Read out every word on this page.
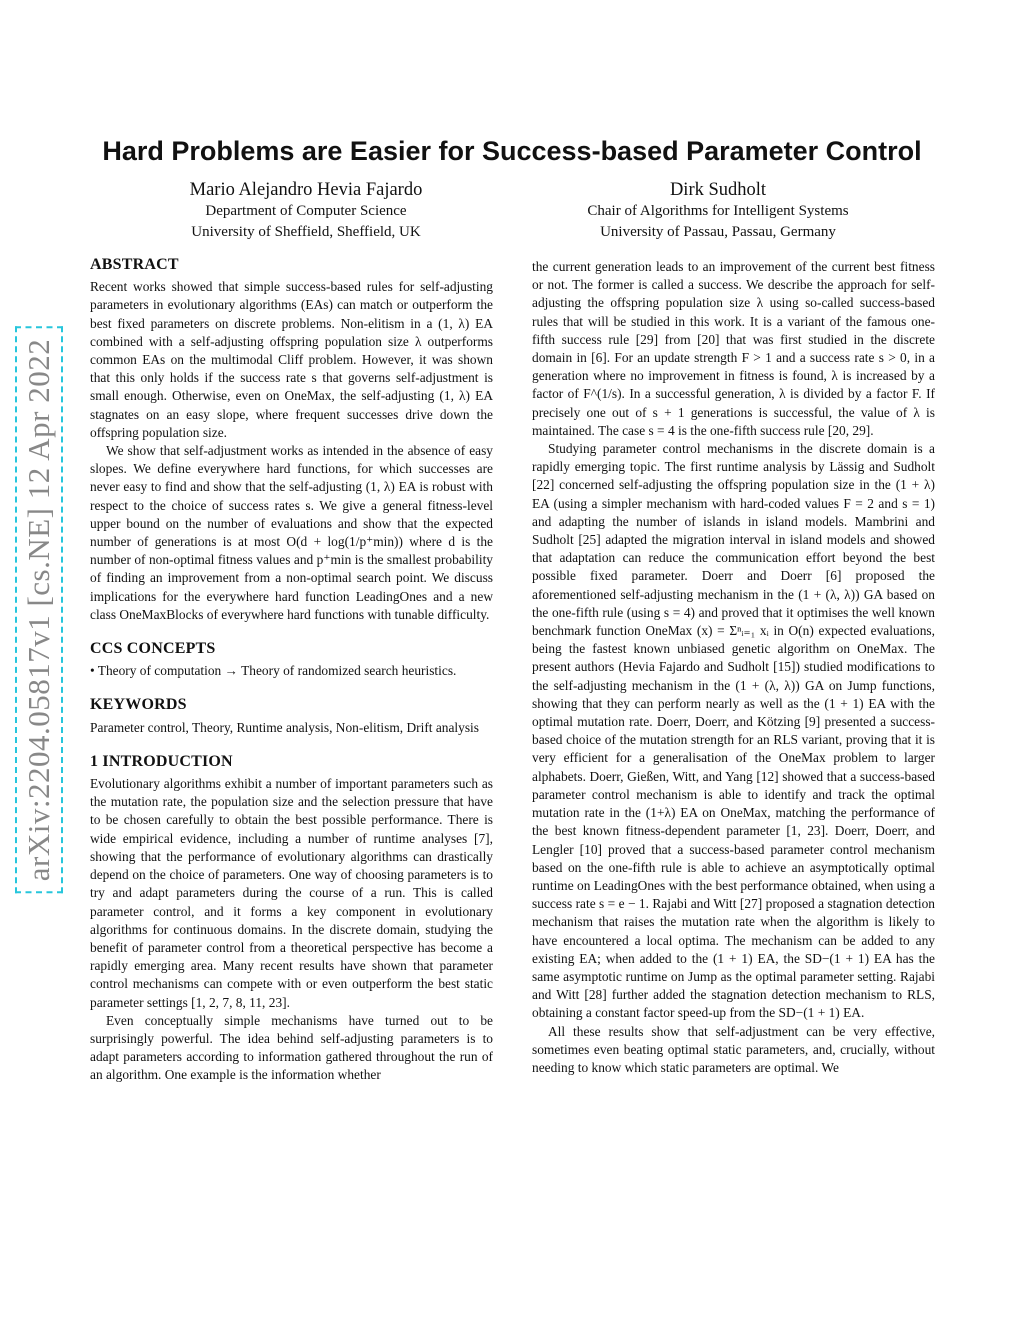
arXiv:2204.05817v1 [cs.NE] 12 Apr 2022
Hard Problems are Easier for Success-based Parameter Control
Mario Alejandro Hevia Fajardo
Department of Computer Science
University of Sheffield, Sheffield, UK
Dirk Sudholt
Chair of Algorithms for Intelligent Systems
University of Passau, Passau, Germany
ABSTRACT

Recent works showed that simple success-based rules for self-adjusting parameters in evolutionary algorithms (EAs) can match or outperform the best fixed parameters on discrete problems. Non-elitism in a (1, λ) EA combined with a self-adjusting offspring population size λ outperforms common EAs on the multimodal Cliff problem. However, it was shown that this only holds if the success rate s that governs self-adjustment is small enough. Otherwise, even on OneMax, the self-adjusting (1, λ) EA stagnates on an easy slope, where frequent successes drive down the offspring population size.

We show that self-adjustment works as intended in the absence of easy slopes. We define everywhere hard functions, for which successes are never easy to find and show that the self-adjusting (1, λ) EA is robust with respect to the choice of success rates s. We give a general fitness-level upper bound on the number of evaluations and show that the expected number of generations is at most O(d + log(1/p⁺min)) where d is the number of non-optimal fitness values and p⁺min is the smallest probability of finding an improvement from a non-optimal search point. We discuss implications for the everywhere hard function LeadingOnes and a new class OneMaxBlocks of everywhere hard functions with tunable difficulty.

CCS CONCEPTS

• Theory of computation → Theory of randomized search heuristics.

KEYWORDS

Parameter control, Theory, Runtime analysis, Non-elitism, Drift analysis

1 INTRODUCTION

Evolutionary algorithms exhibit a number of important parameters such as the mutation rate, the population size and the selection pressure that have to be chosen carefully to obtain the best possible performance. There is wide empirical evidence, including a number of runtime analyses [7], showing that the performance of evolutionary algorithms can drastically depend on the choice of parameters. One way of choosing parameters is to try and adapt parameters during the course of a run. This is called parameter control, and it forms a key component in evolutionary algorithms for continuous domains. In the discrete domain, studying the benefit of parameter control from a theoretical perspective has become a rapidly emerging area. Many recent results have shown that parameter control mechanisms can compete with or even outperform the best static parameter settings [1, 2, 7, 8, 11, 23].

Even conceptually simple mechanisms have turned out to be surprisingly powerful. The idea behind self-adjusting parameters is to adapt parameters according to information gathered throughout the run of an algorithm. One example is the information whether

the current generation leads to an improvement of the current best fitness or not. The former is called a success. We describe the approach for self-adjusting the offspring population size λ using so-called success-based rules that will be studied in this work. It is a variant of the famous one-fifth success rule [29] from [20] that was first studied in the discrete domain in [6]. For an update strength F > 1 and a success rate s > 0, in a generation where no improvement in fitness is found, λ is increased by a factor of F^(1/s). In a successful generation, λ is divided by a factor F. If precisely one out of s + 1 generations is successful, the value of λ is maintained. The case s = 4 is the one-fifth success rule [20, 29].

Studying parameter control mechanisms in the discrete domain is a rapidly emerging topic. The first runtime analysis by Lässig and Sudholt [22] concerned self-adjusting the offspring population size in the (1 + λ) EA (using a simpler mechanism with hard-coded values F = 2 and s = 1) and adapting the number of islands in island models. Mambrini and Sudholt [25] adapted the migration interval in island models and showed that adaptation can reduce the communication effort beyond the best possible fixed parameter. Doerr and Doerr [6] proposed the aforementioned self-adjusting mechanism in the (1 + (λ, λ)) GA based on the one-fifth rule (using s = 4) and proved that it optimises the well known benchmark function OneMax (x) = Σⁿᵢ₌₁ xᵢ in O(n) expected evaluations, being the fastest known unbiased genetic algorithm on OneMax. The present authors (Hevia Fajardo and Sudholt [15]) studied modifications to the self-adjusting mechanism in the (1 + (λ, λ)) GA on Jump functions, showing that they can perform nearly as well as the (1 + 1) EA with the optimal mutation rate. Doerr, Doerr, and Kötzing [9] presented a success-based choice of the mutation strength for an RLS variant, proving that it is very efficient for a generalisation of the OneMax problem to larger alphabets. Doerr, Gießen, Witt, and Yang [12] showed that a success-based parameter control mechanism is able to identify and track the optimal mutation rate in the (1+λ) EA on OneMax, matching the performance of the best known fitness-dependent parameter [1, 23]. Doerr, Doerr, and Lengler [10] proved that a success-based parameter control mechanism based on the one-fifth rule is able to achieve an asymptotically optimal runtime on LeadingOnes with the best performance obtained, when using a success rate s = e − 1. Rajabi and Witt [27] proposed a stagnation detection mechanism that raises the mutation rate when the algorithm is likely to have encountered a local optima. The mechanism can be added to any existing EA; when added to the (1 + 1) EA, the SD−(1 + 1) EA has the same asymptotic runtime on Jump as the optimal parameter setting. Rajabi and Witt [28] further added the stagnation detection mechanism to RLS, obtaining a constant factor speed-up from the SD−(1 + 1) EA.

All these results show that self-adjustment can be very effective, sometimes even beating optimal static parameters, and, crucially, without needing to know which static parameters are optimal. We
